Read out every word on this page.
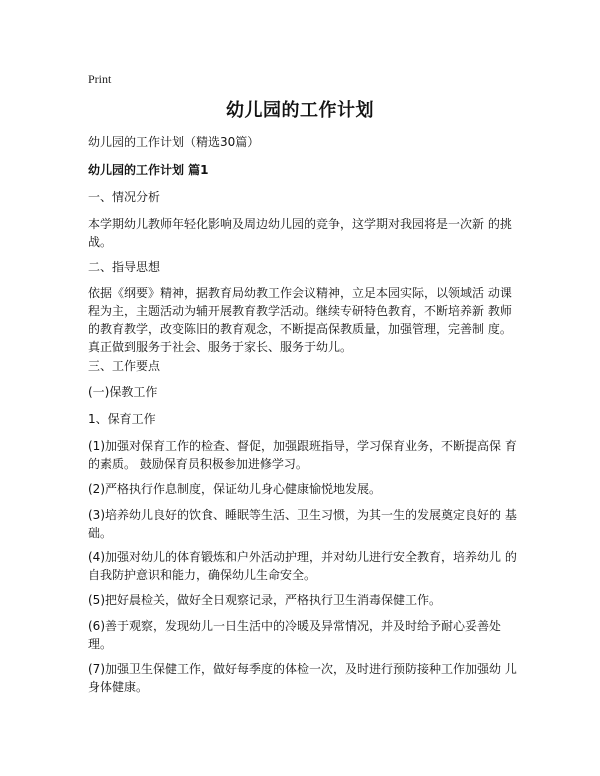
Print
幼儿园的工作计划

幼儿园的工作计划（精选30篇）

幼儿园的工作计划 篇1

一、情况分析

本学期幼儿教师年轻化影响及周边幼儿园的竞争，这学期对我园将是一次新 的挑战。

二、指导思想

依据《纲要》精神，据教育局幼教工作会议精神，立足本园实际，以领域活 动课程为主，主题活动为辅开展教育教学活动。继续专研特色教育，不断培养新 教师的教育教学，改变陈旧的教育观念，不断提高保教质量，加强管理，完善制 度。真正做到服务于社会、服务于家长、服务于幼儿。

三、工作要点

(一)保教工作

1、保育工作

(1)加强对保育工作的检查、督促，加强跟班指导，学习保育业务，不断提高保 育的素质。 鼓励保育员积极参加进修学习。

(2)严格执行作息制度，保证幼儿身心健康愉悦地发展。

(3)培养幼儿良好的饮食、睡眠等生活、卫生习惯，为其一生的发展奠定良好的 基础。

(4)加强对幼儿的体育锻炼和户外活动护理，并对幼儿进行安全教育，培养幼儿 的自我防护意识和能力，确保幼儿生命安全。

(5)把好晨检关，做好全日观察记录，严格执行卫生消毒保健工作。

(6)善于观察，发现幼儿一日生活中的冷暖及异常情况，并及时给予耐心妥善处 理。

(7)加强卫生保健工作，做好每季度的体检一次，及时进行预防接种工作加强幼 儿身体健康。
